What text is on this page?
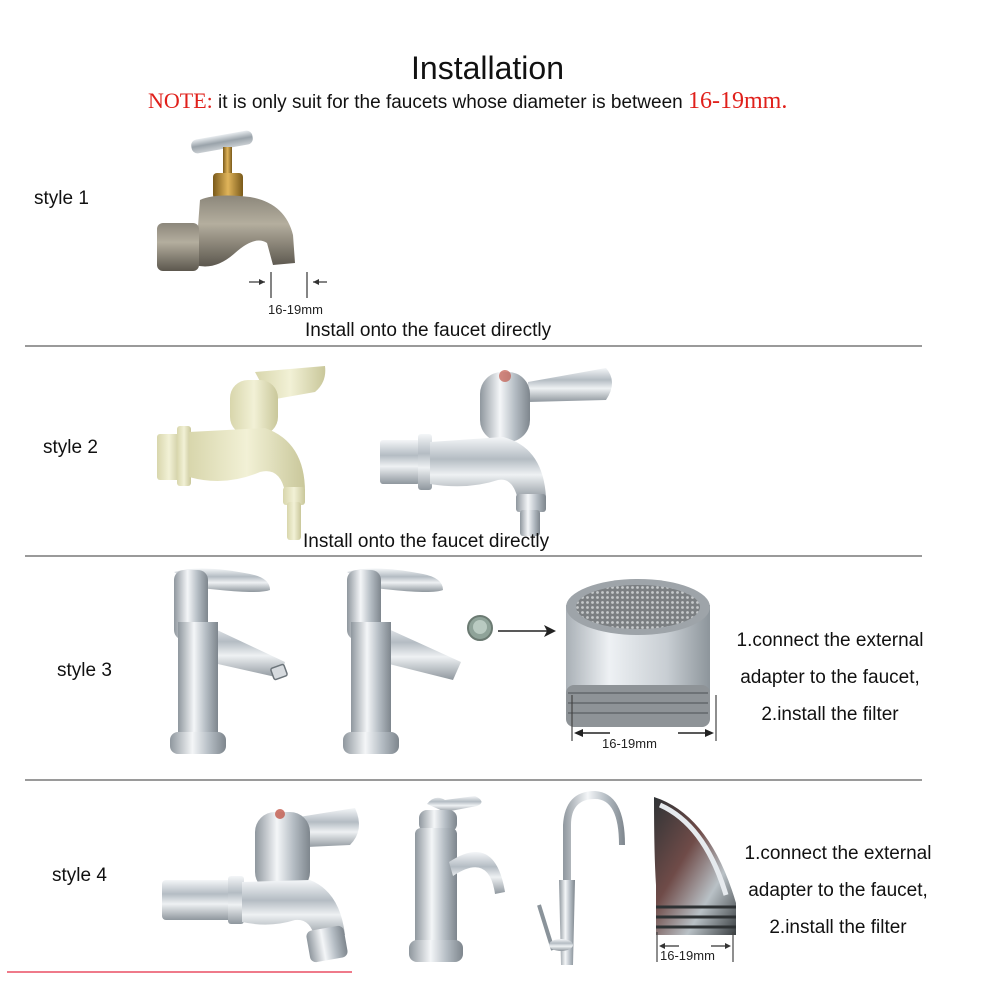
Installation
NOTE: it is only suit for the faucets whose diameter is between 16-19mm.
style 1
16-19mm
Install onto the faucet directly
style 2
Install onto the faucet directly
style 3
16-19mm
1.connect the external
adapter to the faucet,
2.install the filter
style 4
16-19mm
1.connect the external
adapter to the faucet,
2.install the filter
